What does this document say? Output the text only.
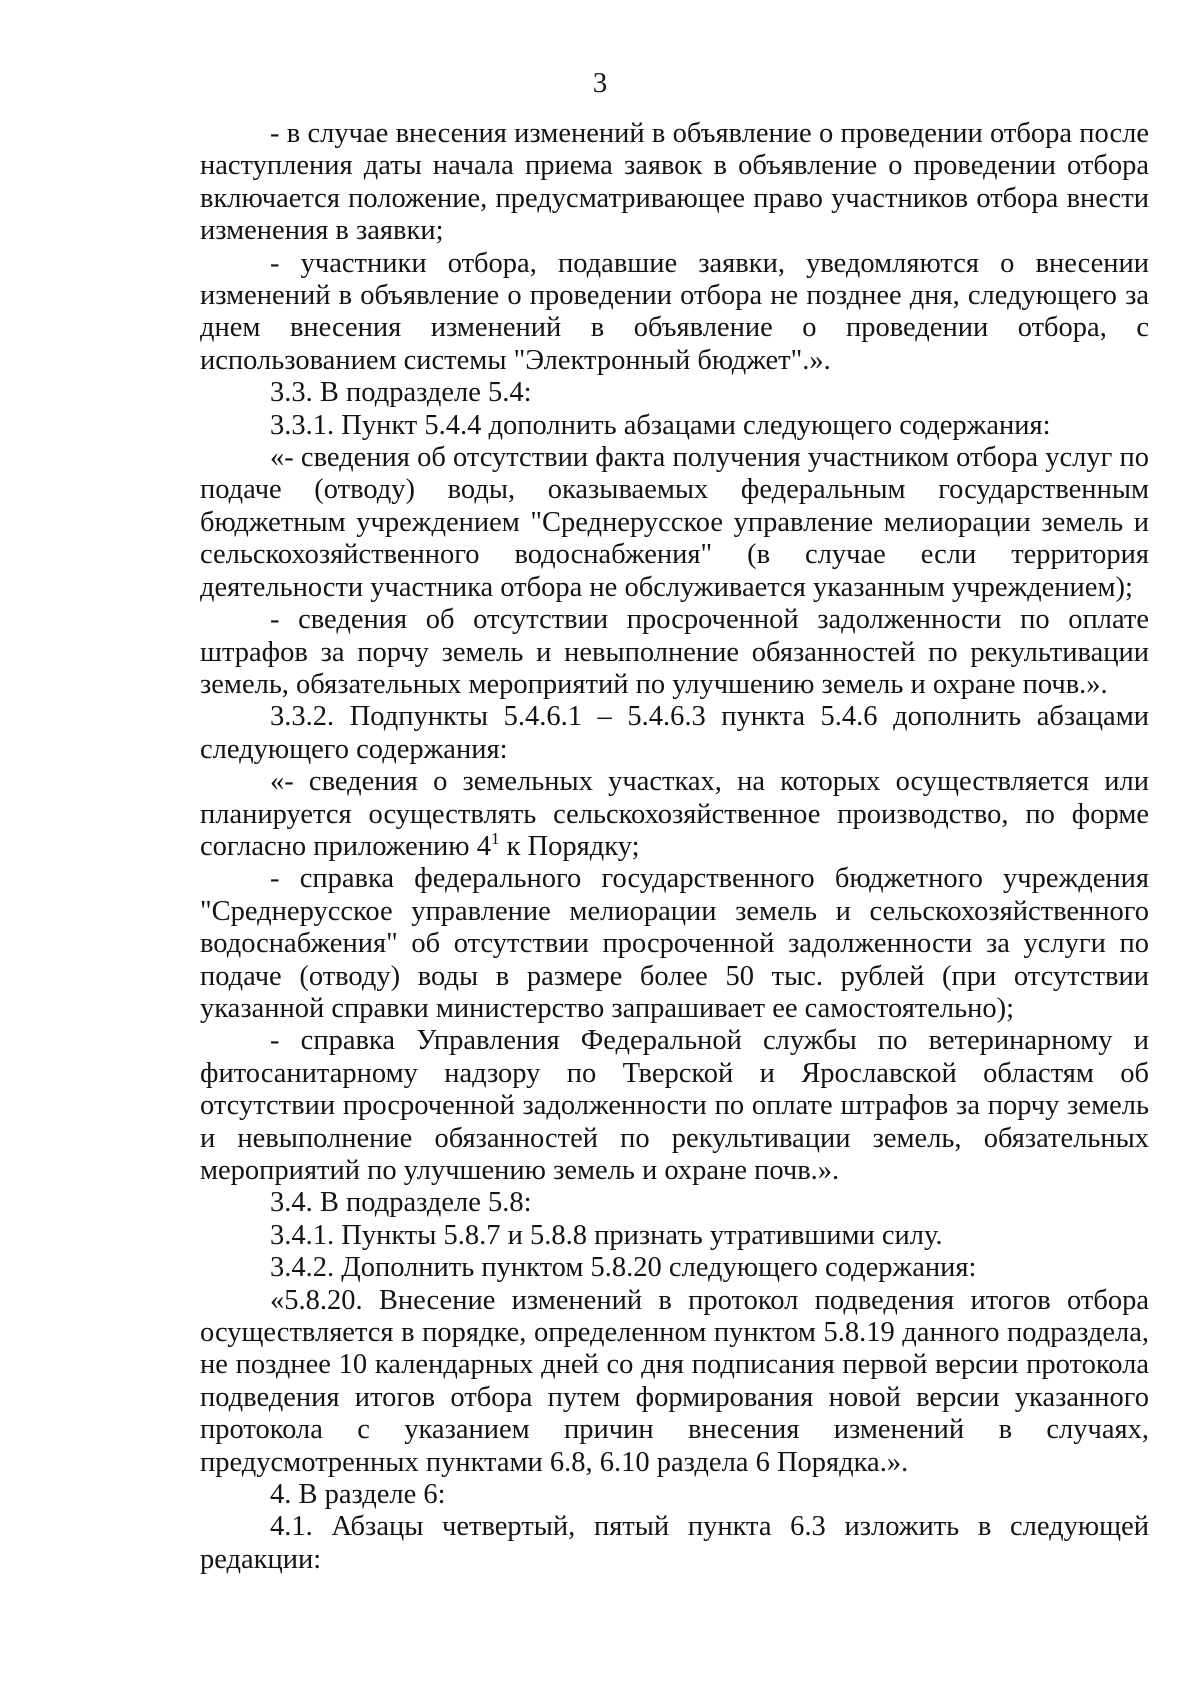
3

- в случае внесения изменений в объявление о проведении отбора после наступления даты начала приема заявок в объявление о проведении отбора включается положение, предусматривающее право участников отбора внести изменения в заявки;

- участники отбора, подавшие заявки, уведомляются о внесении изменений в объявление о проведении отбора не позднее дня, следующего за днем внесения изменений в объявление о проведении отбора, с использованием системы "Электронный бюджет".».

3.3. В подразделе 5.4:

3.3.1. Пункт 5.4.4 дополнить абзацами следующего содержания:

«- сведения об отсутствии факта получения участником отбора услуг по подаче (отводу) воды, оказываемых федеральным государственным бюджетным учреждением "Среднерусское управление мелиорации земель и сельскохозяйственного водоснабжения" (в случае если территория деятельности участника отбора не обслуживается указанным учреждением);

- сведения об отсутствии просроченной задолженности по оплате штрафов за порчу земель и невыполнение обязанностей по рекультивации земель, обязательных мероприятий по улучшению земель и охране почв.».

3.3.2. Подпункты 5.4.6.1 – 5.4.6.3 пункта 5.4.6 дополнить абзацами следующего содержания:

«- сведения о земельных участках, на которых осуществляется или планируется осуществлять сельскохозяйственное производство, по форме согласно приложению $4^1$ к Порядку;

- справка федерального государственного бюджетного учреждения "Среднерусское управление мелиорации земель и сельскохозяйственного водоснабжения" об отсутствии просроченной задолженности за услуги по подаче (отводу) воды в размере более 50 тыс. рублей (при отсутствии указанной справки министерство запрашивает ее самостоятельно);

- справка Управления Федеральной службы по ветеринарному и фитосанитарному надзору по Тверской и Ярославской областям об отсутствии просроченной задолженности по оплате штрафов за порчу земель и невыполнение обязанностей по рекультивации земель, обязательных мероприятий по улучшению земель и охране почв.».

3.4. В подразделе 5.8:

3.4.1. Пункты 5.8.7 и 5.8.8 признать утратившими силу.

3.4.2. Дополнить пунктом 5.8.20 следующего содержания:

«5.8.20. Внесение изменений в протокол подведения итогов отбора осуществляется в порядке, определенном пунктом 5.8.19 данного подраздела, не позднее 10 календарных дней со дня подписания первой версии протокола подведения итогов отбора путем формирования новой версии указанного протокола с указанием причин внесения изменений в случаях, предусмотренных пунктами 6.8, 6.10 раздела 6 Порядка.».

4. В разделе 6:

4.1. Абзацы четвертый, пятый пункта 6.3 изложить в следующей редакции:
